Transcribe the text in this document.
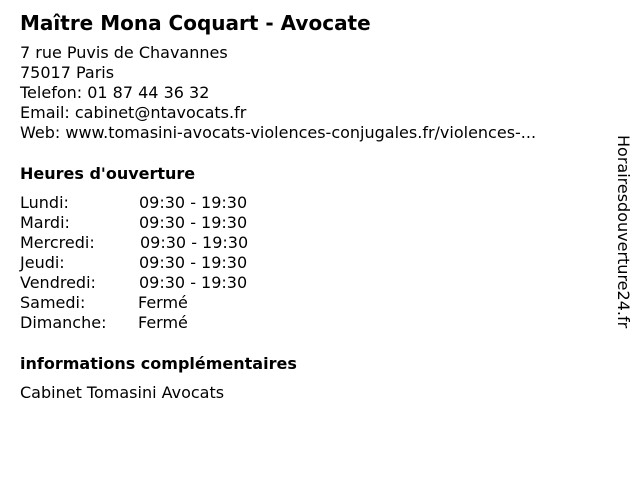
Maître Mona Coquart - Avocate
7 rue Puvis de Chavannes
75017 Paris
Telefon: 01 87 44 36 32
Email: cabinet@ntavocats.fr
Web: www.tomasini-avocats-violences-conjugales.fr/violences-...
Heures d'ouverture
Lundi:	09:30 - 19:30
Mardi:	09:30 - 19:30
Mercredi:	09:30 - 19:30
Jeudi:	09:30 - 19:30
Vendredi:	09:30 - 19:30
Samedi:	Fermé
Dimanche: Fermé
informations complémentaires
Cabinet Tomasini Avocats
Horairesdouverture24.fr
